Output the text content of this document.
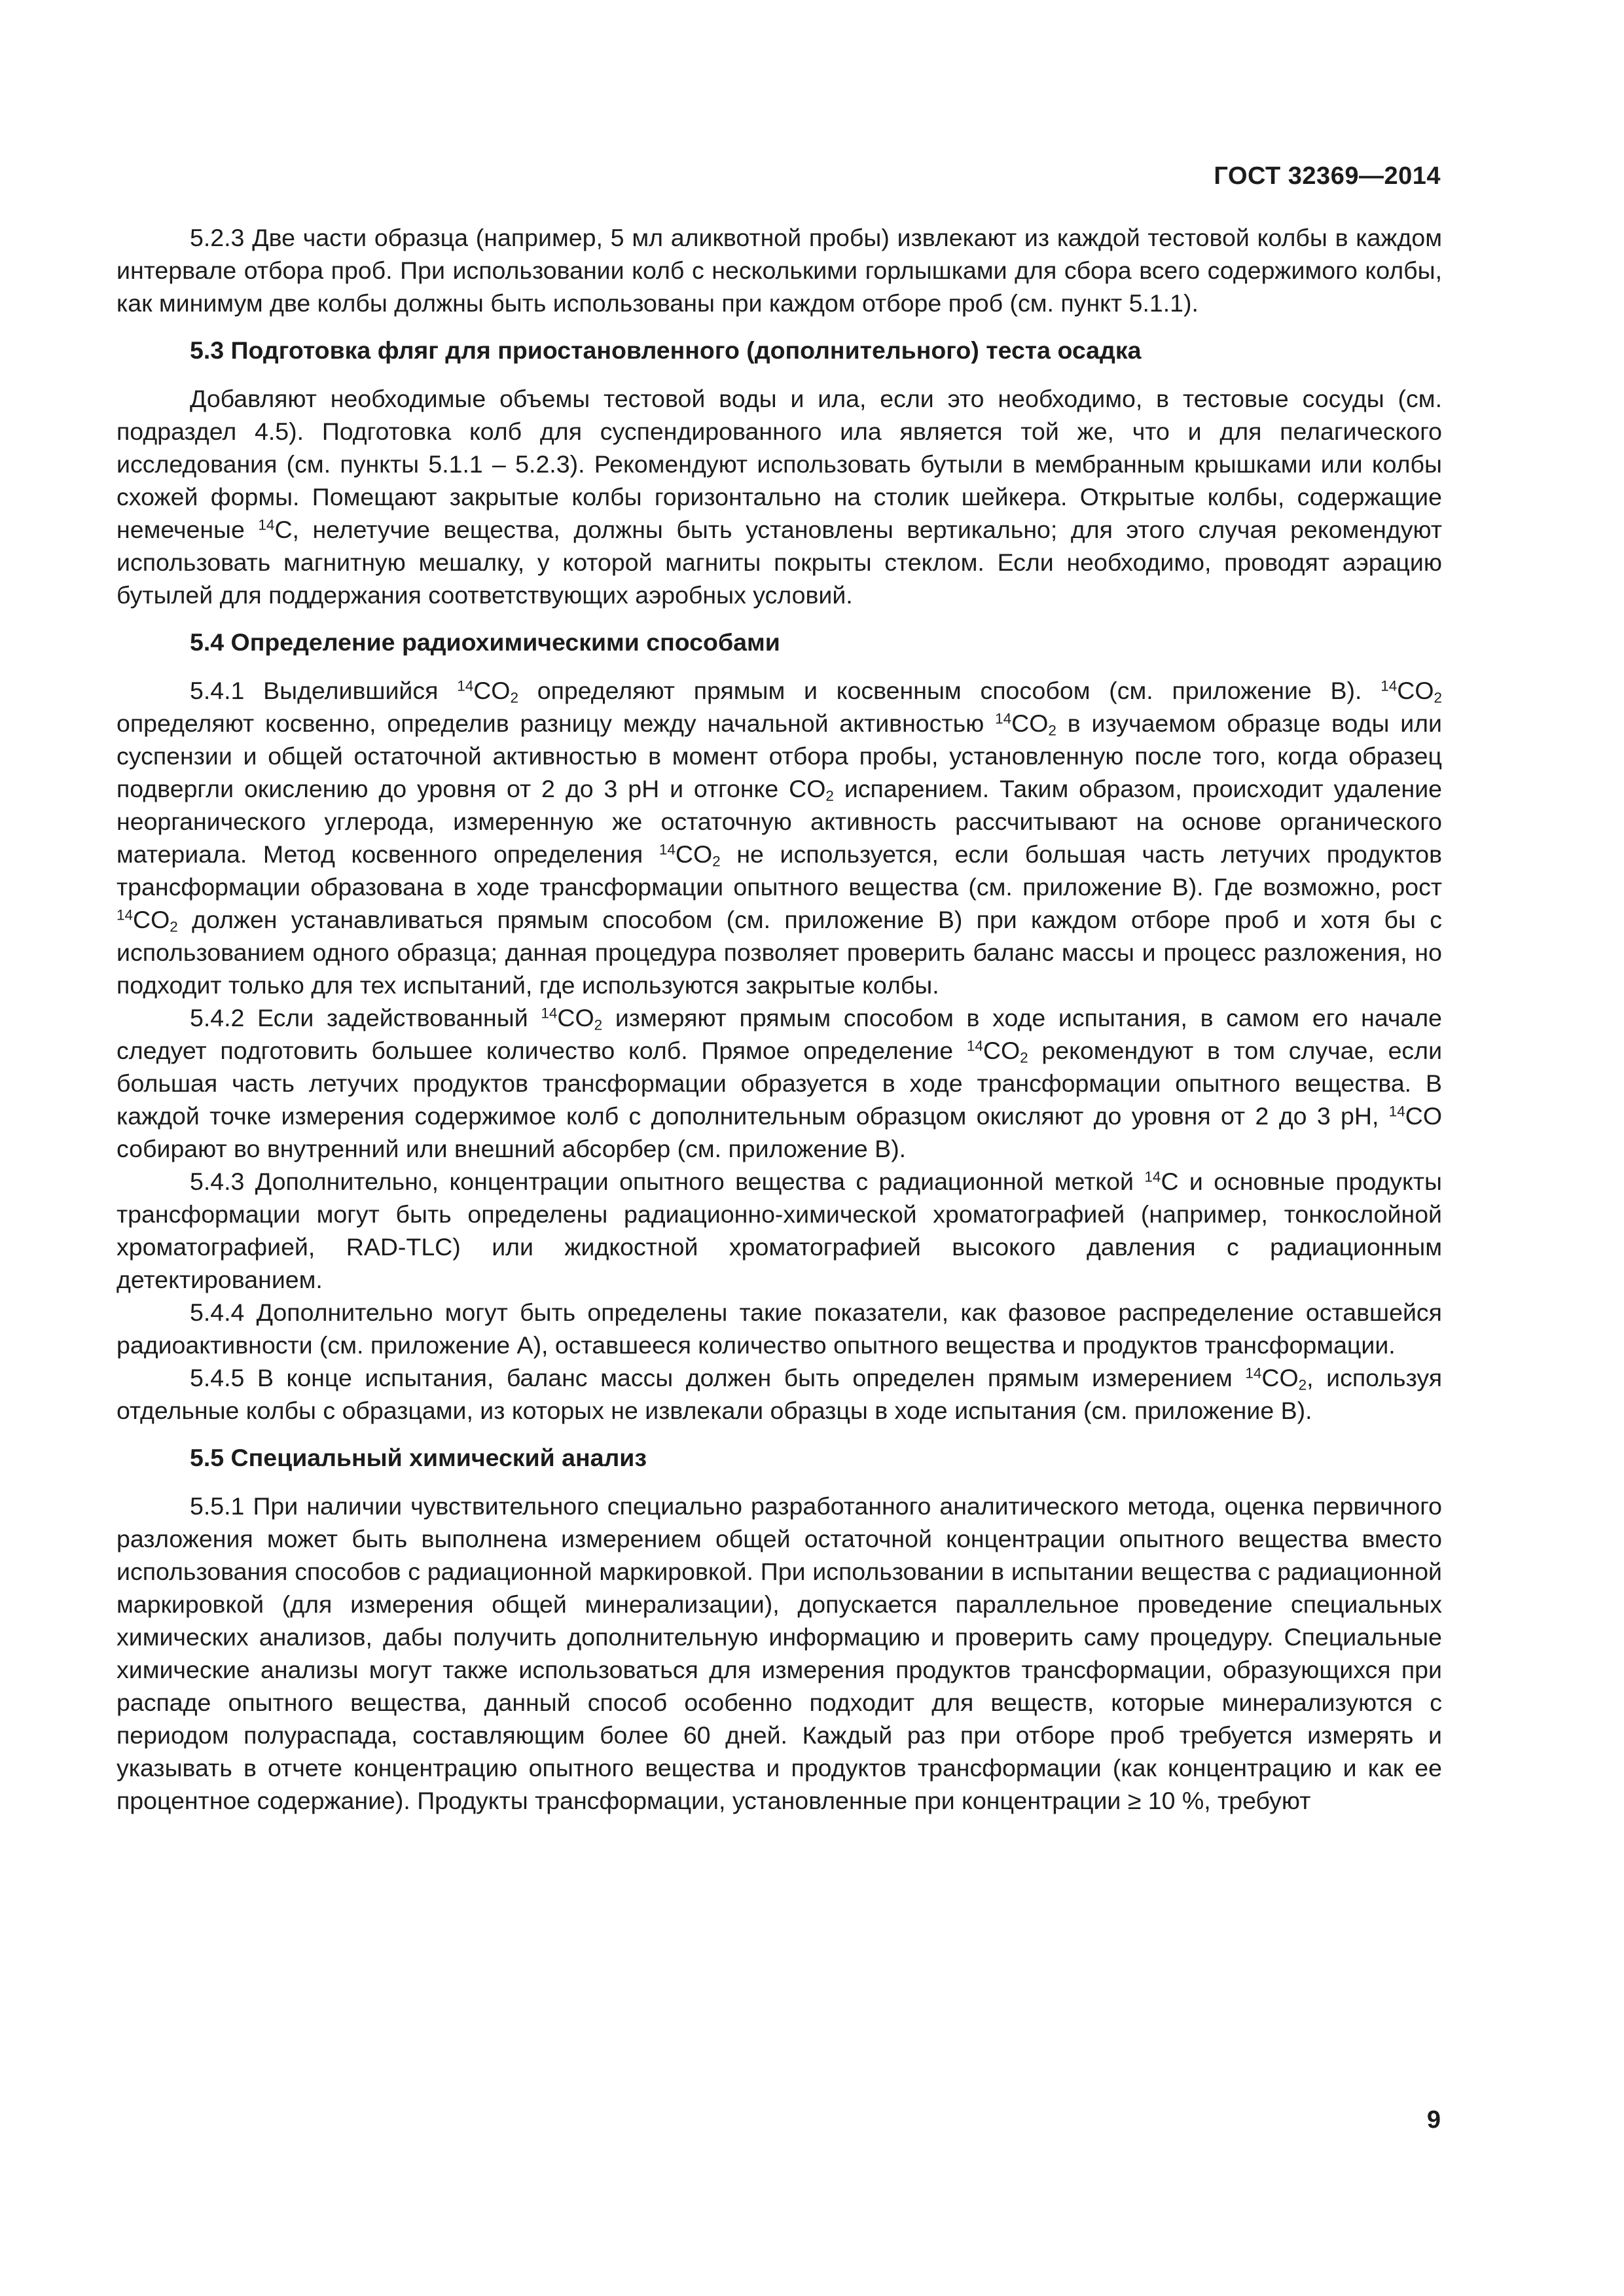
ГОСТ 32369—2014

5.2.3 Две части образца (например, 5 мл аликвотной пробы) извлекают из каждой тестовой колбы в каждом интервале отбора проб. При использовании колб с несколькими горлышками для сбора всего содержимого колбы, как минимум две колбы должны быть использованы при каждом отборе проб (см. пункт 5.1.1).

5.3 Подготовка фляг для приостановленного (дополнительного) теста осадка

Добавляют необходимые объемы тестовой воды и ила, если это необходимо, в тестовые сосуды (см. подраздел 4.5). Подготовка колб для суспендированного ила является той же, что и для пелагического исследования (см. пункты 5.1.1 – 5.2.3). Рекомендуют использовать бутыли в мембранным крышками или колбы схожей формы. Помещают закрытые колбы горизонтально на столик шейкера. Открытые колбы, содержащие немеченые $^{14}$С, нелетучие вещества, должны быть установлены вертикально; для этого случая рекомендуют использовать магнитную мешалку, у которой магниты покрыты стеклом. Если необходимо, проводят аэрацию бутылей для поддержания соответствующих аэробных условий.

5.4 Определение радиохимическими способами

5.4.1 Выделившийся $^{14}CO_2$ определяют прямым и косвенным способом (см. приложение В). $^{14}CO_2$ определяют косвенно, определив разницу между начальной активностью $^{14}CO_2$ в изучаемом образце воды или суспензии и общей остаточной активностью в момент отбора пробы, установленную после того, когда образец подвергли окислению до уровня от 2 до 3 pH и отгонке $CO_2$ испарением. Таким образом, происходит удаление неорганического углерода, измеренную же остаточную активность рассчитывают на основе органического материала. Метод косвенного определения $^{14}CO_2$ не используется, если большая часть летучих продуктов трансформации образована в ходе трансформации опытного вещества (см. приложение В). Где возможно, рост $^{14}CO_2$ должен устанавливаться прямым способом (см. приложение В) при каждом отборе проб и хотя бы с использованием одного образца; данная процедура позволяет проверить баланс массы и процесс разложения, но подходит только для тех испытаний, где используются закрытые колбы.

5.4.2 Если задействованный $^{14}CO_2$ измеряют прямым способом в ходе испытания, в самом его начале следует подготовить большее количество колб. Прямое определение $^{14}CO_2$ рекомендуют в том случае, если большая часть летучих продуктов трансформации образуется в ходе трансформации опытного вещества. В каждой точке измерения содержимое колб с дополнительным образцом окисляют до уровня от 2 до 3 pH, $^{14}$CO собирают во внутренний или внешний абсорбер (см. приложение В).

5.4.3 Дополнительно, концентрации опытного вещества с радиационной меткой $^{14}$С и основные продукты трансформации могут быть определены радиационно-химической хроматографией (например, тонкослойной хроматографией, RAD-TLC) или жидкостной хроматографией высокого давления с радиационным детектированием.

5.4.4 Дополнительно могут быть определены такие показатели, как фазовое распределение оставшейся радиоактивности (см. приложение А), оставшееся количество опытного вещества и продуктов трансформации.

5.4.5 В конце испытания, баланс массы должен быть определен прямым измерением $^{14}CO_2$, используя отдельные колбы с образцами, из которых не извлекали образцы в ходе испытания (см. приложение В).

5.5 Специальный химический анализ

5.5.1 При наличии чувствительного специально разработанного аналитического метода, оценка первичного разложения может быть выполнена измерением общей остаточной концентрации опытного вещества вместо использования способов с радиационной маркировкой. При использовании в испытании вещества с радиационной маркировкой (для измерения общей минерализации), допускается параллельное проведение специальных химических анализов, дабы получить дополнительную информацию и проверить саму процедуру. Специальные химические анализы могут также использоваться для измерения продуктов трансформации, образующихся при распаде опытного вещества, данный способ особенно подходит для веществ, которые минерализуются с периодом полураспада, составляющим более 60 дней. Каждый раз при отборе проб требуется измерять и указывать в отчете концентрацию опытного вещества и продуктов трансформации (как концентрацию и как ее процентное содержание). Продукты трансформации, установленные при концентрации ≥ 10 %, требуют

9
